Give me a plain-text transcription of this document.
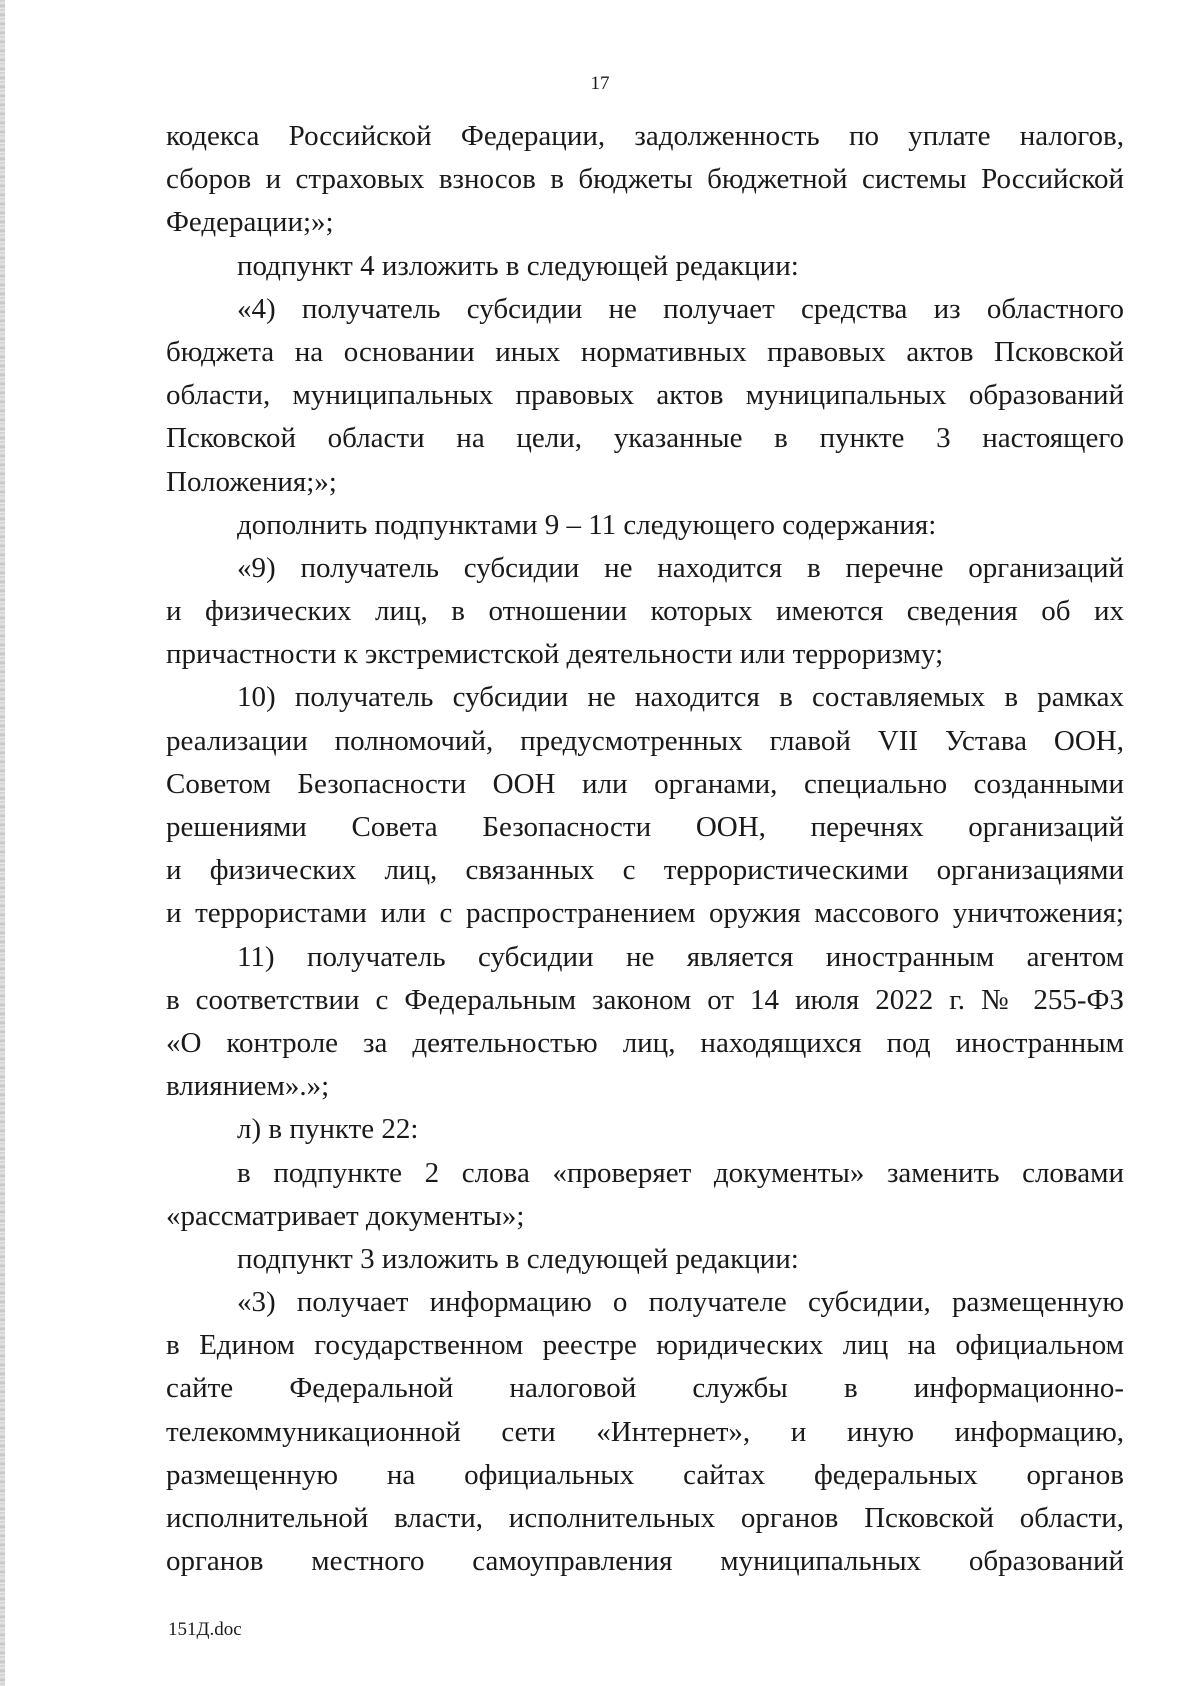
17
кодекса Российской Федерации, задолженность по уплате налогов,
сборов и страховых взносов в бюджеты бюджетной системы Российской
Федерации;»;
подпункт 4 изложить в следующей редакции:
«4) получатель субсидии не получает средства из областного
бюджета на основании иных нормативных правовых актов Псковской
области, муниципальных правовых актов муниципальных образований
Псковской области на цели, указанные в пункте 3 настоящего
Положения;»;
дополнить подпунктами 9 – 11 следующего содержания:
«9) получатель субсидии не находится в перечне организаций
и физических лиц, в отношении которых имеются сведения об их
причастности к экстремистской деятельности или терроризму;
10) получатель субсидии не находится в составляемых в рамках
реализации полномочий, предусмотренных главой VII Устава ООН,
Советом Безопасности ООН или органами, специально созданными
решениями Совета Безопасности ООН, перечнях организаций
и физических лиц, связанных с террористическими организациями
и террористами или с распространением оружия массового уничтожения;
11) получатель субсидии не является иностранным агентом
в соответствии с Федеральным законом от 14 июля 2022 г. № 255-ФЗ
«О контроле за деятельностью лиц, находящихся под иностранным
влиянием».»;
л) в пункте 22:
в подпункте 2 слова «проверяет документы» заменить словами
«рассматривает документы»;
подпункт 3 изложить в следующей редакции:
«3) получает информацию о получателе субсидии, размещенную
в Едином государственном реестре юридических лиц на официальном
сайте Федеральной налоговой службы в информационно-
телекоммуникационной сети «Интернет», и иную информацию,
размещенную на официальных сайтах федеральных органов
исполнительной власти, исполнительных органов Псковской области,
органов местного самоуправления муниципальных образований
151Д.doc
